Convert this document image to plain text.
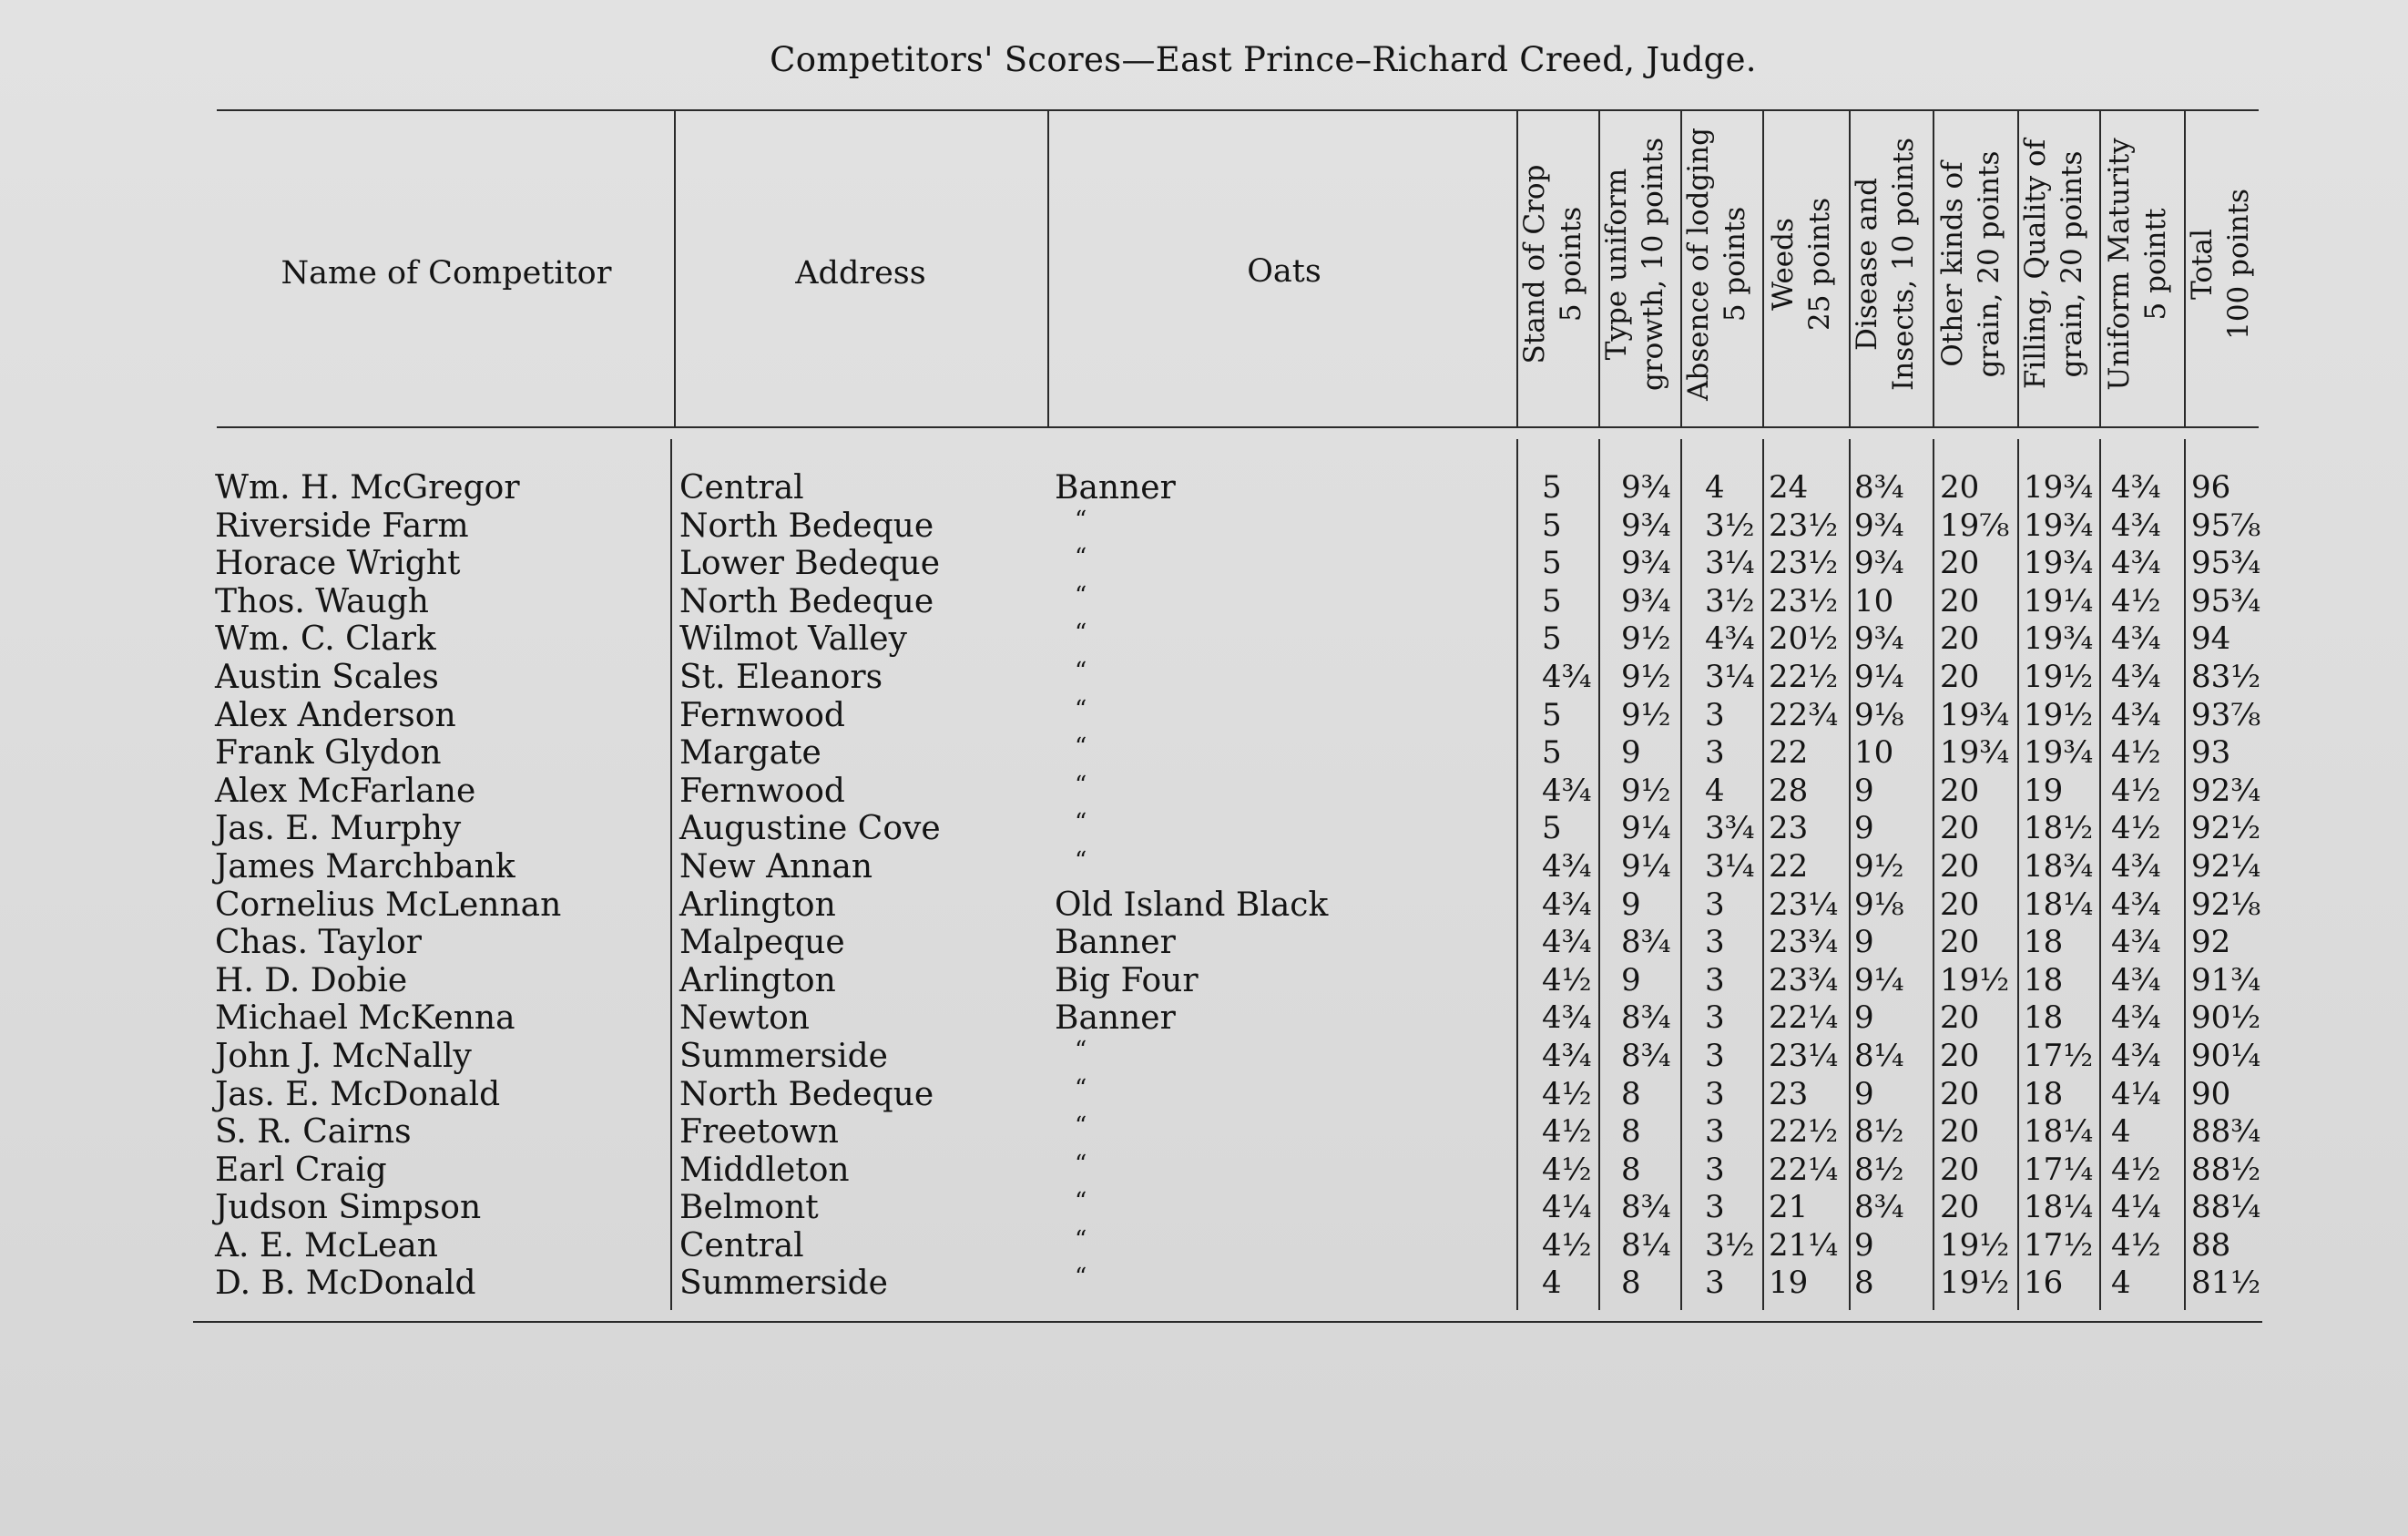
Competitors' Scores—East Prince–Richard Creed, Judge.
Name of Competitor	Address	Oats	Stand of Crop 5 points Type uniform growth, 10 points Absence of lodging 5 points Weeds 25 points Disease and Insects, 10 points Other kinds of grain, 20 points Filling, Quality of grain, 20 points Uniform Maturity 5 pointt Total 100 points
Wm. H. McGregor	Central	Banner	5 9¾ 4 24 8¾ 20 19¾ 4¾ 96
Riverside Farm	North Bedeque	“	5 9¾ 3½ 23½ 9¾ 19⅞ 19¾ 4¾ 95⅞
Horace Wright	Lower Bedeque	“	5 9¾ 3¼ 23½ 9¾ 20 19¾ 4¾ 95¾
Thos. Waugh	North Bedeque	“	5 9¾ 3½ 23½ 10 20 19¼ 4½ 95¾
Wm. C. Clark	Wilmot Valley	“	5 9½ 4¾ 20½ 9¾ 20 19¾ 4¾ 94
Austin Scales	St. Eleanors	“	4¾ 9½ 3¼ 22½ 9¼ 20 19½ 4¾ 83½
Alex Anderson	Fernwood	“	5 9½ 3 22¾ 9⅛ 19¾ 19½ 4¾ 93⅞
Frank Glydon	Margate	“	5 9 3 22 10 19¾ 19¾ 4½ 93
Alex McFarlane	Fernwood	“	4¾ 9½ 4 28 9 20 19 4½ 92¾
Jas. E. Murphy	Augustine Cove	“	5 9¼ 3¾ 23 9 20 18½ 4½ 92½
James Marchbank	New Annan	“	4¾ 9¼ 3¼ 22 9½ 20 18¾ 4¾ 92¼
Cornelius McLennan	Arlington	Old Island Black	4¾ 9 3 23¼ 9⅛ 20 18¼ 4¾ 92⅛
Chas. Taylor	Malpeque	Banner	4¾ 8¾ 3 23¾ 9 20 18 4¾ 92
H. D. Dobie	Arlington	Big Four	4½ 9 3 23¾ 9¼ 19½ 18 4¾ 91¾
Michael McKenna	Newton	Banner	4¾ 8¾ 3 22¼ 9 20 18 4¾ 90½
John J. McNally	Summerside	“	4¾ 8¾ 3 23¼ 8¼ 20 17½ 4¾ 90¼
Jas. E. McDonald	North Bedeque	“	4½ 8 3 23 9 20 18 4¼ 90
S. R. Cairns	Freetown	“	4½ 8 3 22½ 8½ 20 18¼ 4 88¾
Earl Craig	Middleton	“	4½ 8 3 22¼ 8½ 20 17¼ 4½ 88½
Judson Simpson	Belmont	“	4¼ 8¾ 3 21 8¾ 20 18¼ 4¼ 88¼
A. E. McLean	Central	“	4½ 8¼ 3½ 21¼ 9 19½ 17½ 4½ 88
D. B. McDonald	Summerside	“	4 8 3 19 8 19½ 16 4 81½
